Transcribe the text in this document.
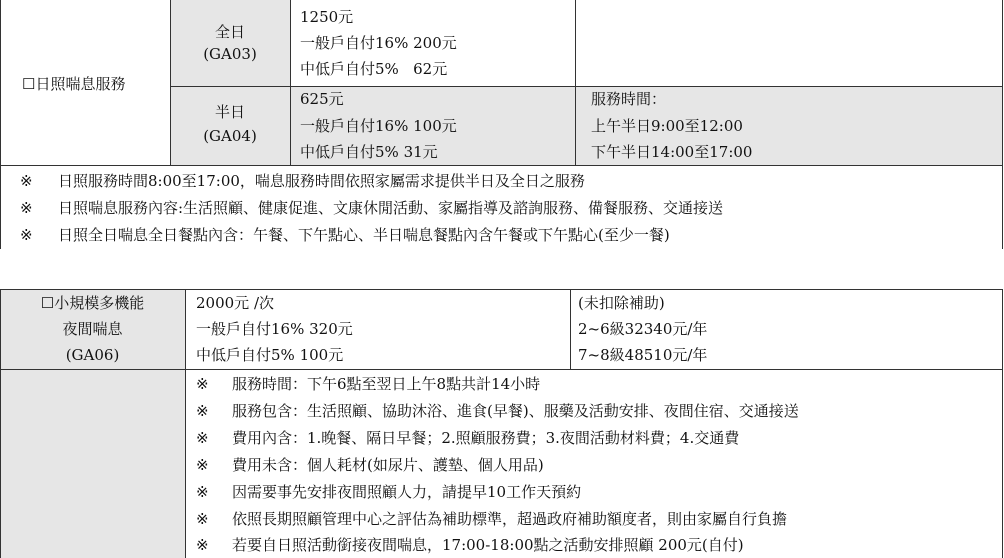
☐日照喘息服務
全日
(GA03)
1250元
一般戶自付16% 200元
中低戶自付5%   62元
半日
(GA04)
625元
一般戶自付16% 100元
中低戶自付5% 31元
服務時間：
上午半日9:00至12:00
下午半日14:00至17:00
※ 日照服務時間8:00至17:00，喘息服務時間依照家屬需求提供半日及全日之服務
※ 日照喘息服務內容:生活照顧、健康促進、文康休閒活動、家屬指導及諮詢服務、備餐服務、交通接送
※ 日照全日喘息全日餐點內含：午餐、下午點心、半日喘息餐點內含午餐或下午點心(至少一餐)
☐小規模多機能
夜間喘息
(GA06)
2000元 /次
一般戶自付16% 320元
中低戶自付5% 100元
(未扣除補助)
2~6級32340元/年
7~8級48510元/年
※ 服務時間：下午6點至翌日上午8點共計14小時
※ 服務包含：生活照顧、協助沐浴、進食(早餐)、服藥及活動安排、夜間住宿、交通接送
※ 費用內含：1.晚餐、隔日早餐；2.照顧服務費；3.夜間活動材料費；4.交通費
※ 費用未含：個人耗材(如尿片、護墊、個人用品)
※ 因需要事先安排夜間照顧人力，請提早10工作天預約
※ 依照長期照顧管理中心之評估為補助標準，超過政府補助額度者，則由家屬自行負擔
※ 若要自日照活動銜接夜間喘息，17:00-18:00點之活動安排照顧 200元(自付)
